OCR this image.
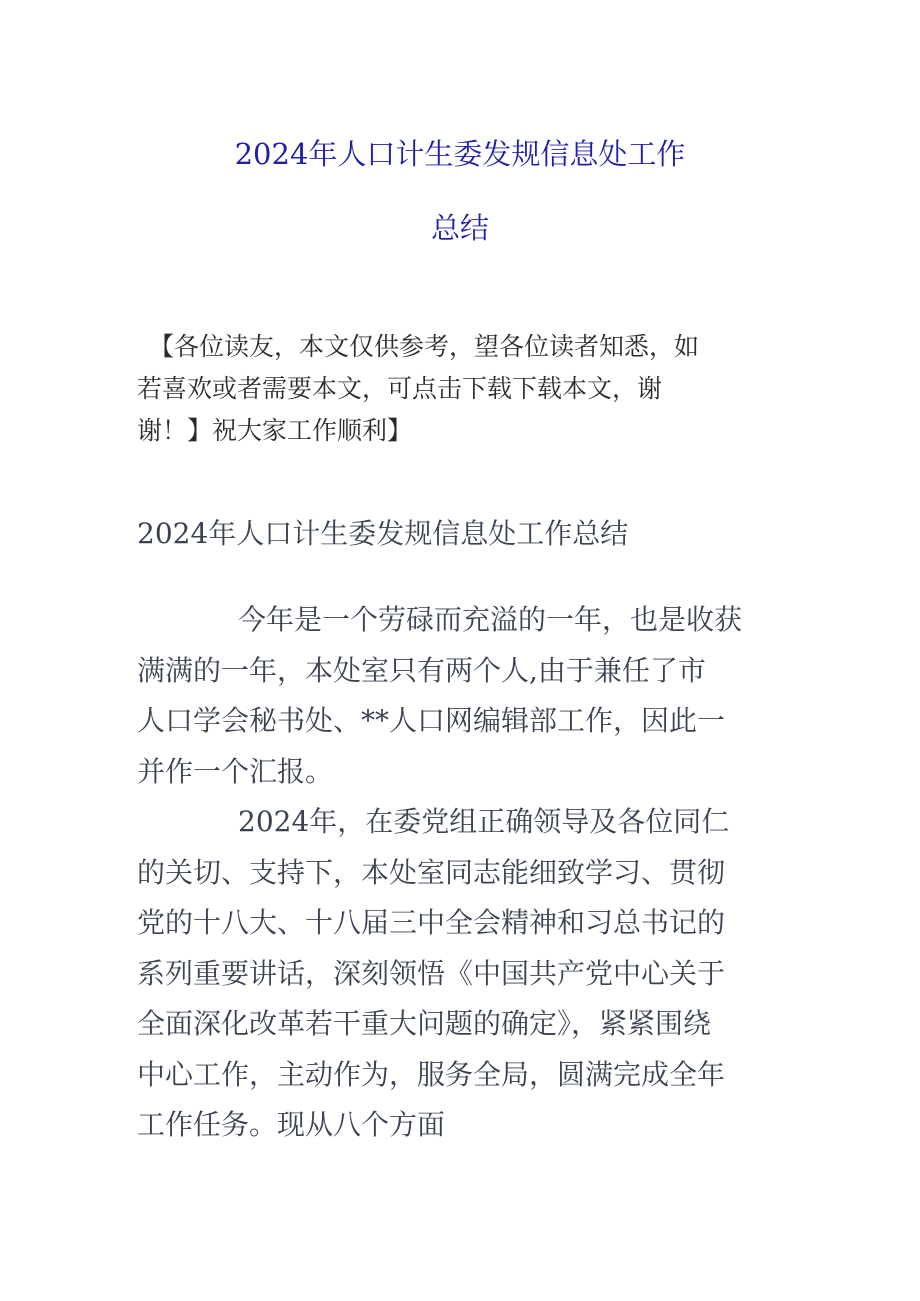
2024年人口计生委发规信息处工作
总结

【各位读友，本文仅供参考，望各位读者知悉，如
若喜欢或者需要本文，可点击下载下载本文，谢
谢！】祝大家工作顺利】

2024年人口计生委发规信息处工作总结

今年是一个劳碌而充溢的一年，也是收获
满满的一年，本处室只有两个人,由于兼任了市
人口学会秘书处、**人口网编辑部工作，因此一
并作一个汇报。

2024年，在委党组正确领导及各位同仁
的关切、支持下，本处室同志能细致学习、贯彻
党的十八大、十八届三中全会精神和习总书记的
系列重要讲话，深刻领悟《中国共产党中心关于
全面深化改革若干重大问题的确定》，紧紧围绕
中心工作，主动作为，服务全局，圆满完成全年
工作任务。现从八个方面
